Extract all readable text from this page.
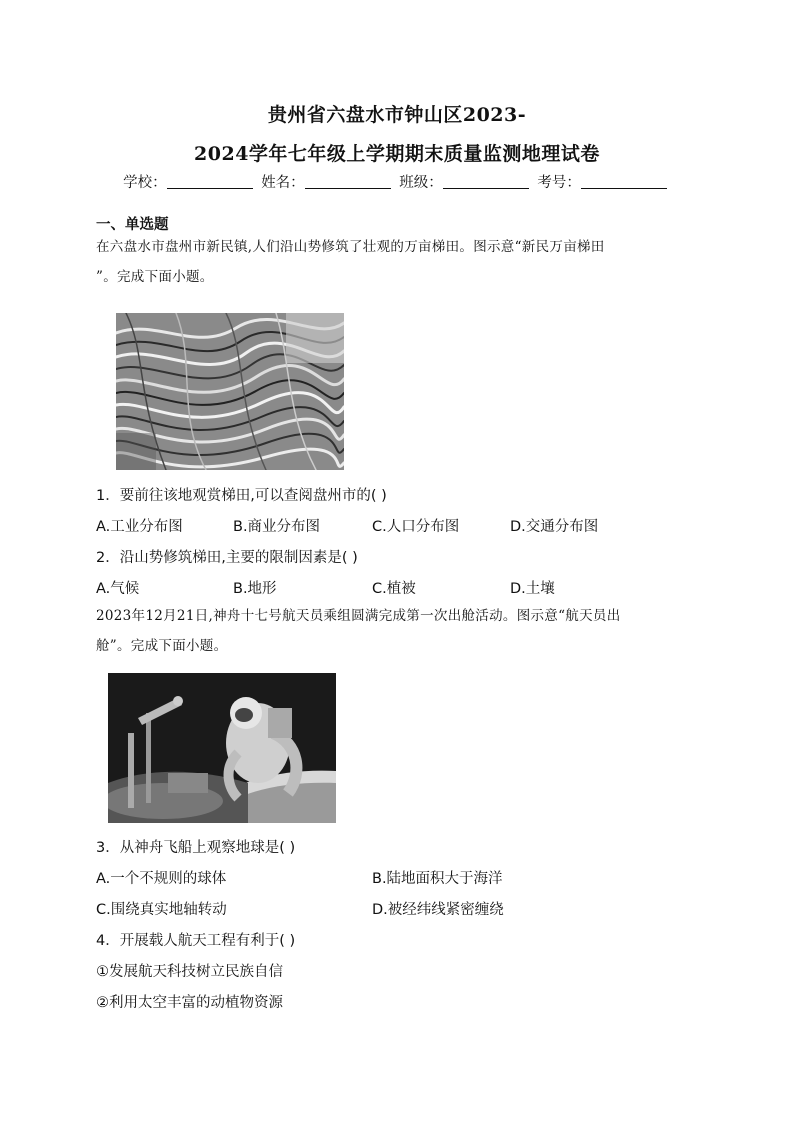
贵州省六盘水市钟山区2023-
2024学年七年级上学期期末质量监测地理试卷
学校：	姓名：	班级：	考号：
一、单选题
在六盘水市盘州市新民镇,人们沿山势修筑了壮观的万亩梯田。图示意“新民万亩梯田
”。完成下面小题。
1．要前往该地观赏梯田,可以查阅盘州市的( )
A.工业分布图	B.商业分布图	C.人口分布图	D.交通分布图
2．沿山势修筑梯田,主要的限制因素是( )
A.气候	B.地形	C.植被	D.土壤
2023年12月21日,神舟十七号航天员乘组圆满完成第一次出舱活动。图示意“航天员出
舱”。完成下面小题。
3．从神舟飞船上观察地球是( )
A.一个不规则的球体	B.陆地面积大于海洋
C.围绕真实地轴转动	D.被经纬线紧密缠绕
4．开展载人航天工程有利于( )
①发展航天科技树立民族自信
②利用太空丰富的动植物资源
